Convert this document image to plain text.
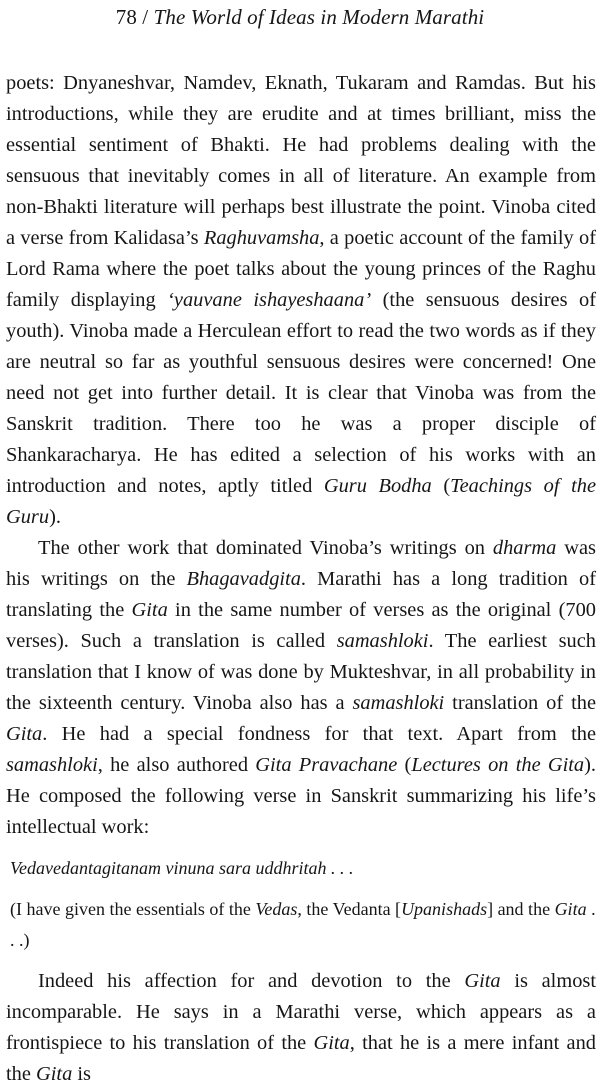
78 / The World of Ideas in Modern Marathi

poets: Dnyaneshvar, Namdev, Eknath, Tukaram and Ramdas. But his introductions, while they are erudite and at times brilliant, miss the essential sentiment of Bhakti. He had problems dealing with the sensuous that inevitably comes in all of literature. An example from non-Bhakti literature will perhaps best illustrate the point. Vinoba cited a verse from Kalidasa’s Raghuvamsha, a poetic account of the family of Lord Rama where the poet talks about the young princes of the Raghu family displaying ‘yauvane ishayeshaana’ (the sensuous desires of youth). Vinoba made a Herculean effort to read the two words as if they are neutral so far as youthful sensuous desires were concerned! One need not get into further detail. It is clear that Vinoba was from the Sanskrit tradition. There too he was a proper disciple of Shankaracharya. He has edited a selection of his works with an introduction and notes, aptly titled Guru Bodha (Teachings of the Guru).

The other work that dominated Vinoba’s writings on dharma was his writings on the Bhagavadgita. Marathi has a long tradition of translating the Gita in the same number of verses as the original (700 verses). Such a translation is called samashloki. The earliest such translation that I know of was done by Mukteshvar, in all probability in the sixteenth century. Vinoba also has a samashloki translation of the Gita. He had a special fondness for that text. Apart from the samashloki, he also authored Gita Pravachane (Lectures on the Gita). He composed the following verse in Sanskrit summarizing his life’s intellectual work:

Vedavedantagitanam vinuna sara uddhritah . . .

(I have given the essentials of the Vedas, the Vedanta [Upanishads] and the Gita . . .)

Indeed his affection for and devotion to the Gita is almost incomparable. He says in a Marathi verse, which appears as a frontispiece to his translation of the Gita, that he is a mere infant and the Gita is
